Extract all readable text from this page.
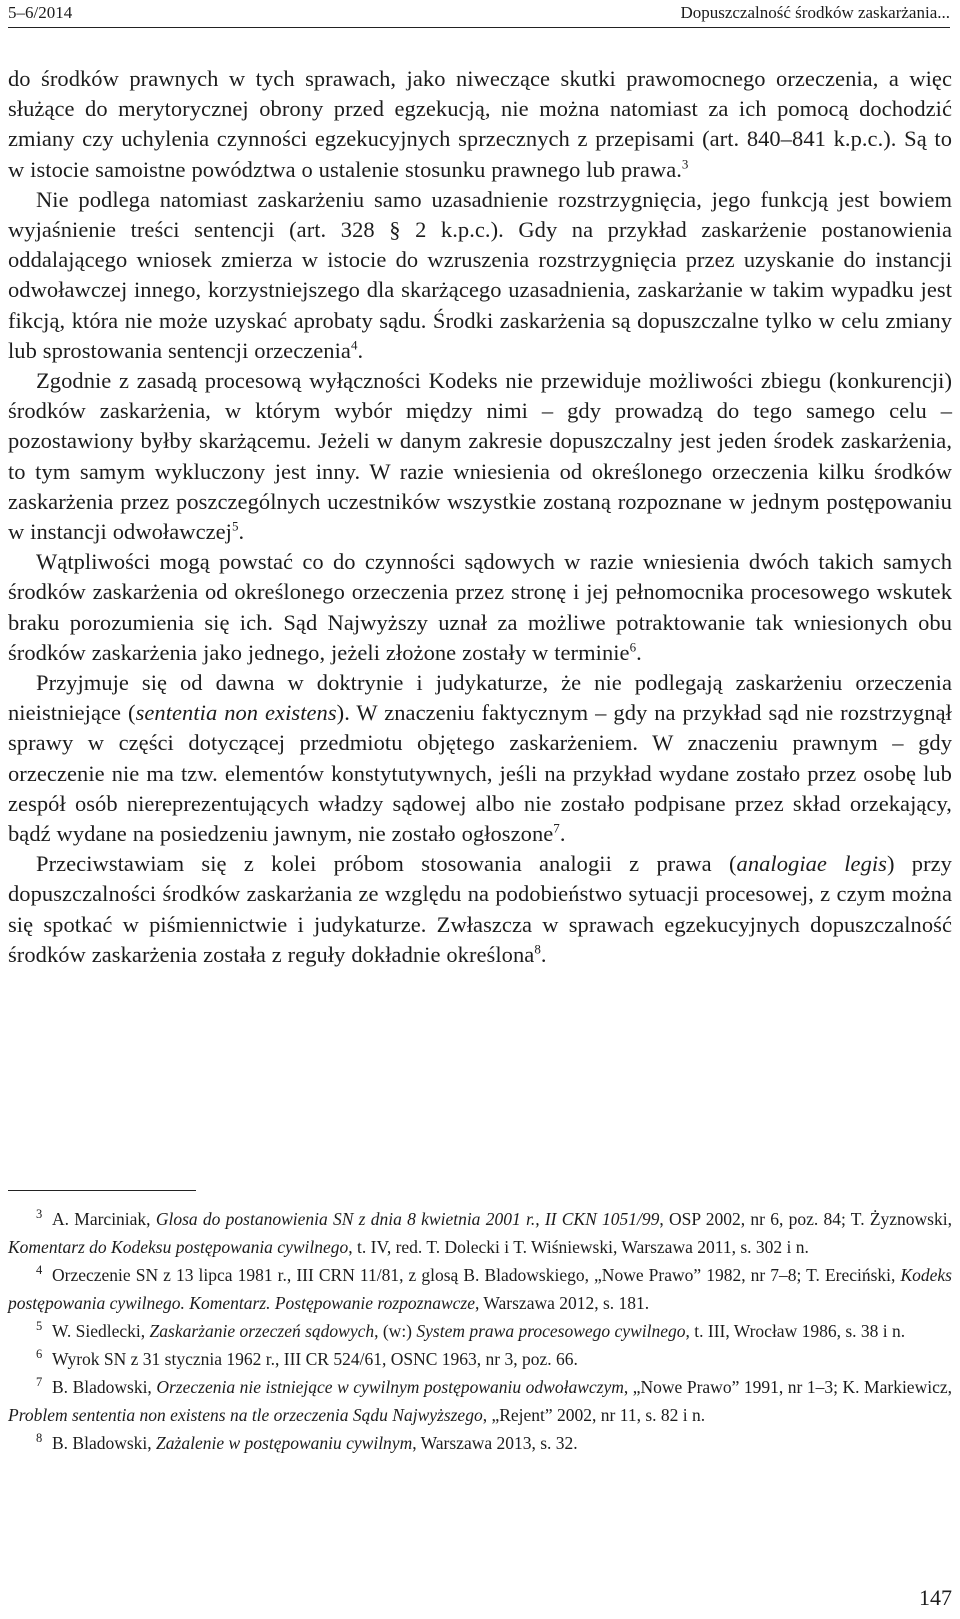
5–6/2014	Dopuszczalność środków zaskarżania...

do środków prawnych w tych sprawach, jako niweczące skutki prawomocnego orzeczenia, a więc służące do merytorycznej obrony przed egzekucją, nie można natomiast za ich pomocą dochodzić zmiany czy uchylenia czynności egzekucyjnych sprzecznych z przepisami (art. 840–841 k.p.c.). Są to w istocie samoistne powództwa o ustalenie stosunku prawnego lub prawa.$^3$

Nie podlega natomiast zaskarżeniu samo uzasadnienie rozstrzygnięcia, jego funkcją jest bowiem wyjaśnienie treści sentencji (art. 328 § 2 k.p.c.). Gdy na przykład zaskarżenie postanowienia oddalającego wniosek zmierza w istocie do wzruszenia rozstrzygnięcia przez uzyskanie do instancji odwoławczej innego, korzystniejszego dla skarżącego uzasadnienia, zaskarżanie w takim wypadku jest fikcją, która nie może uzyskać aprobaty sądu. Środki zaskarżenia są dopuszczalne tylko w celu zmiany lub sprostowania sentencji orzeczenia$^4$.

Zgodnie z zasadą procesową wyłączności Kodeks nie przewiduje możliwości zbiegu (konkurencji) środków zaskarżenia, w którym wybór między nimi – gdy prowadzą do tego samego celu – pozostawiony byłby skarżącemu. Jeżeli w danym zakresie dopuszczalny jest jeden środek zaskarżenia, to tym samym wykluczony jest inny. W razie wniesienia od określonego orzeczenia kilku środków zaskarżenia przez poszczególnych uczestników wszystkie zostaną rozpoznane w jednym postępowaniu w instancji odwoławczej$^5$.

Wątpliwości mogą powstać co do czynności sądowych w razie wniesienia dwóch takich samych środków zaskarżenia od określonego orzeczenia przez stronę i jej pełnomocnika procesowego wskutek braku porozumienia się ich. Sąd Najwyższy uznał za możliwe potraktowanie tak wniesionych obu środków zaskarżenia jako jednego, jeżeli złożone zostały w terminie$^6$.

Przyjmuje się od dawna w doktrynie i judykaturze, że nie podlegają zaskarżeniu orzeczenia nieistniejące (sententia non existens). W znaczeniu faktycznym – gdy na przykład sąd nie rozstrzygnął sprawy w części dotyczącej przedmiotu objętego zaskarżeniem. W znaczeniu prawnym – gdy orzeczenie nie ma tzw. elementów konstytutywnych, jeśli na przykład wydane zostało przez osobę lub zespół osób niereprezentujących władzy sądowej albo nie zostało podpisane przez skład orzekający, bądź wydane na posiedzeniu jawnym, nie zostało ogłoszone$^7$.

Przeciwstawiam się z kolei próbom stosowania analogii z prawa (analogiae legis) przy dopuszczalności środków zaskarżania ze względu na podobieństwo sytuacji procesowej, z czym można się spotkać w piśmiennictwie i judykaturze. Zwłaszcza w sprawach egzekucyjnych dopuszczalność środków zaskarżenia została z reguły dokładnie określona$^8$.

3 A. Marciniak, Glosa do postanowienia SN z dnia 8 kwietnia 2001 r., II CKN 1051/99, OSP 2002, nr 6, poz. 84; T. Żyznowski, Komentarz do Kodeksu postępowania cywilnego, t. IV, red. T. Dolecki i T. Wiśniewski, Warszawa 2011, s. 302 i n.

4 Orzeczenie SN z 13 lipca 1981 r., III CRN 11/81, z glosą B. Bladowskiego, „Nowe Prawo” 1982, nr 7–8; T. Ereciński, Kodeks postępowania cywilnego. Komentarz. Postępowanie rozpoznawcze, Warszawa 2012, s. 181.

5 W. Siedlecki, Zaskarżanie orzeczeń sądowych, (w:) System prawa procesowego cywilnego, t. III, Wrocław 1986, s. 38 i n.

6 Wyrok SN z 31 stycznia 1962 r., III CR 524/61, OSNC 1963, nr 3, poz. 66.

7 B. Bladowski, Orzeczenia nie istniejące w cywilnym postępowaniu odwoławczym, „Nowe Prawo” 1991, nr 1–3; K. Markiewicz, Problem sententia non existens na tle orzeczenia Sądu Najwyższego, „Rejent” 2002, nr 11, s. 82 i n.

8 B. Bladowski, Zażalenie w postępowaniu cywilnym, Warszawa 2013, s. 32.

147
